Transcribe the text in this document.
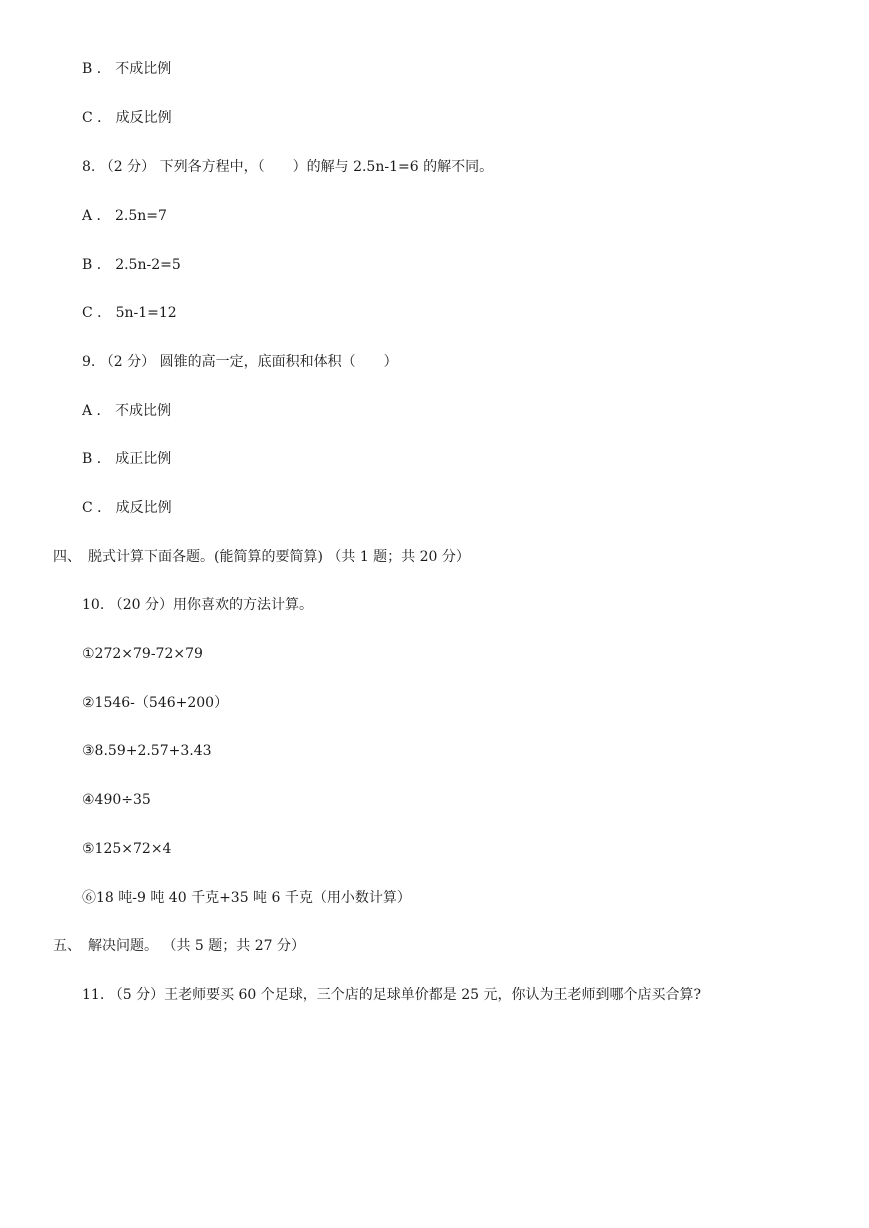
B ． 不成比例
C ． 成反比例
8. （2 分） 下列各方程中，（　　）的解与 2.5n-1=6 的解不同。
A ． 2.5n=7
B ． 2.5n-2=5
C ． 5n-1=12
9. （2 分） 圆锥的高一定，底面积和体积（　　）
A ． 不成比例
B ． 成正比例
C ． 成反比例
四、　脱式计算下面各题。(能简算的要简算) （共 1 题；共 20 分）
10. （20 分）用你喜欢的方法计算。
①272×79-72×79
②1546-（546+200）
③8.59+2.57+3.43
④490÷35
⑤125×72×4
⑥18 吨-9 吨 40 千克+35 吨 6 千克（用小数计算）
五、　解决问题。 （共 5 题；共 27 分）
11. （5 分）王老师要买 60 个足球，三个店的足球单价都是 25 元，你认为王老师到哪个店买合算?
